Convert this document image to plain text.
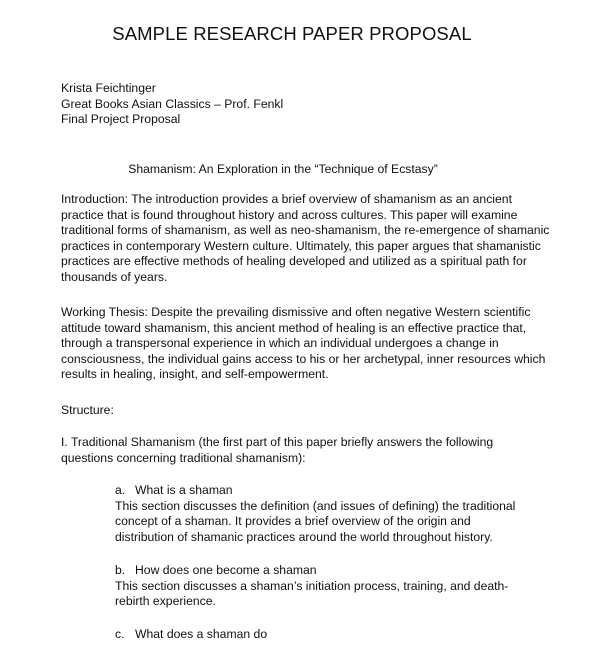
SAMPLE RESEARCH PAPER PROPOSAL
Krista Feichtinger
Great Books Asian Classics – Prof. Fenkl
Final Project Proposal
Shamanism: An Exploration in the “Technique of Ecstasy”
Introduction: The introduction provides a brief overview of shamanism as an ancient
practice that is found throughout history and across cultures. This paper will examine
traditional forms of shamanism, as well as neo-shamanism, the re-emergence of shamanic
practices in contemporary Western culture. Ultimately, this paper argues that shamanistic
practices are effective methods of healing developed and utilized as a spiritual path for
thousands of years.
Working Thesis: Despite the prevailing dismissive and often negative Western scientific
attitude toward shamanism, this ancient method of healing is an effective practice that,
through a transpersonal experience in which an individual undergoes a change in
consciousness, the individual gains access to his or her archetypal, inner resources which
results in healing, insight, and self-empowerment.
Structure:
I. Traditional Shamanism (the first part of this paper briefly answers the following
questions concerning traditional shamanism):
a. What is a shaman
This section discusses the definition (and issues of defining) the traditional
concept of a shaman. It provides a brief overview of the origin and
distribution of shamanic practices around the world throughout history.
b. How does one become a shaman
This section discusses a shaman’s initiation process, training, and death-
rebirth experience.
c. What does a shaman do
